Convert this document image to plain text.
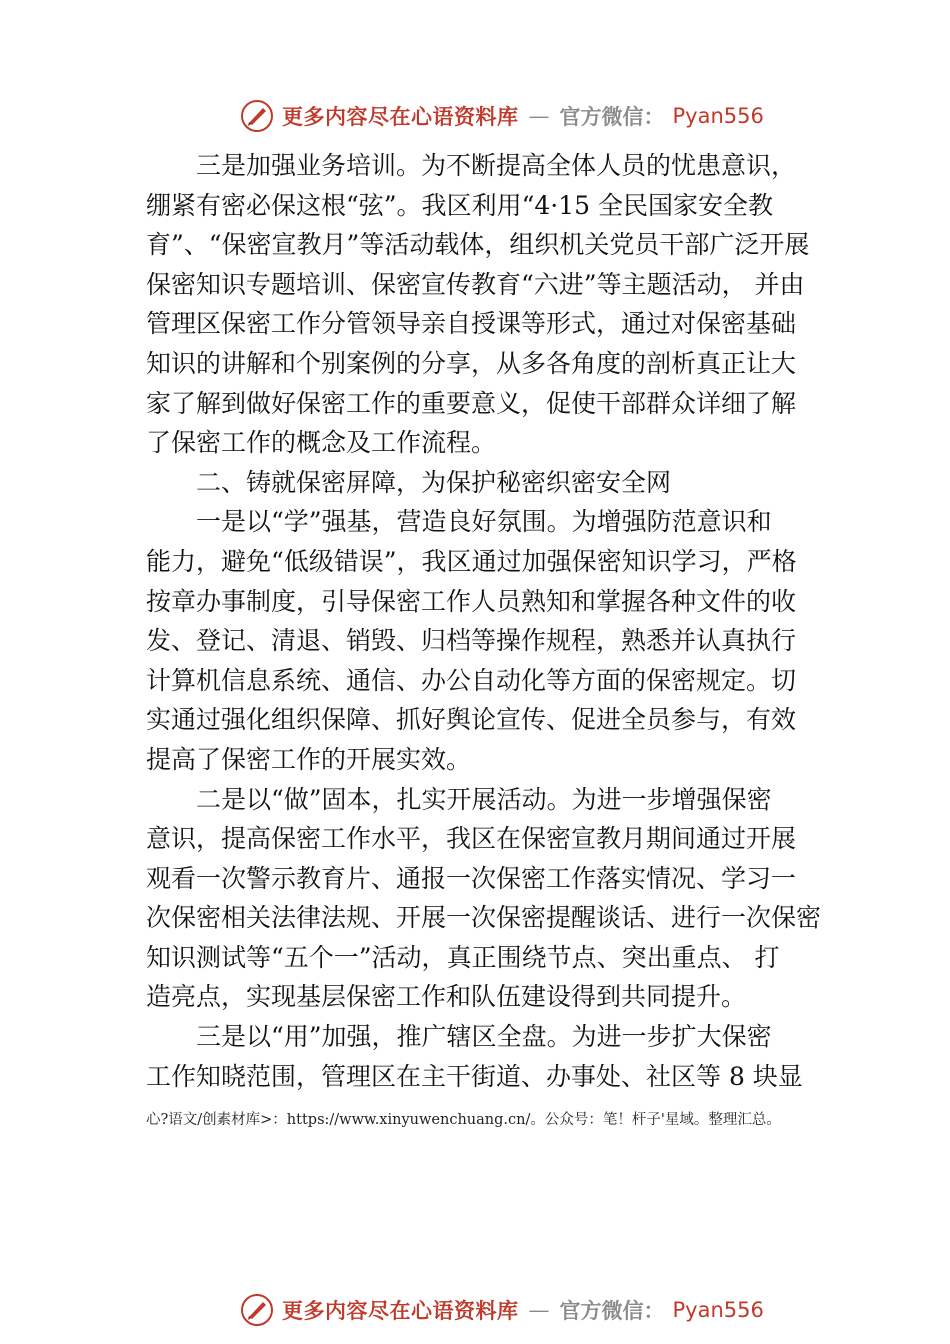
更多内容尽在心语资料库 — 官方微信： Pyan556
三是加强业务培训。为不断提高全体人员的忧患意识，
绷紧有密必保这根“弦”。我区利用“4·15 全民国家安全教
育”、“保密宣教月”等活动载体，组织机关党员干部广泛开展
保密知识专题培训、保密宣传教育“六进”等主题活动， 并由
管理区保密工作分管领导亲自授课等形式，通过对保密基础
知识的讲解和个别案例的分享，从多各角度的剖析真正让大
家了解到做好保密工作的重要意义，促使干部群众详细了解
了保密工作的概念及工作流程。
二、铸就保密屏障，为保护秘密织密安全网
一是以“学”强基，营造良好氛围。为增强防范意识和
能力，避免“低级错误”，我区通过加强保密知识学习，严格
按章办事制度，引导保密工作人员熟知和掌握各种文件的收
发、登记、清退、销毁、归档等操作规程，熟悉并认真执行
计算机信息系统、通信、办公自动化等方面的保密规定。切
实通过强化组织保障、抓好舆论宣传、促进全员参与，有效
提高了保密工作的开展实效。
二是以“做”固本，扎实开展活动。为进一步增强保密
意识，提高保密工作水平，我区在保密宣教月期间通过开展
观看一次警示教育片、通报一次保密工作落实情况、学习一
次保密相关法律法规、开展一次保密提醒谈话、进行一次保密
知识测试等“五个一”活动，真正围绕节点、突出重点、 打
造亮点，实现基层保密工作和队伍建设得到共同提升。
三是以“用”加强，推广辖区全盘。为进一步扩大保密
工作知晓范围，管理区在主干街道、办事处、社区等 8 块显
心?语文/创素材库>：https://www.xinyuwenchuang.cn/。公众号：笔！杆子'星域。整理汇总。
更多内容尽在心语资料库 — 官方微信： Pyan556
